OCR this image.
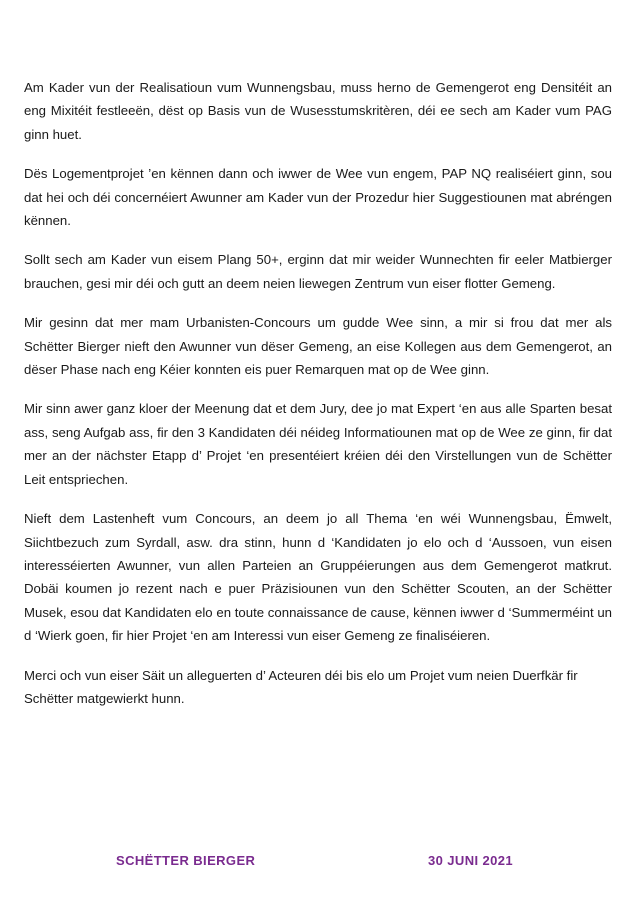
Am Kader vun der Realisatioun vum Wunnengsbau, muss herno de Gemengerot eng Densitéit an eng Mixitéit festleeën, dëst op Basis vun de Wusesstumskritèren, déi ee sech am Kader vum PAG ginn huet.

Dës Logementprojet ’en kënnen dann och iwwer de Wee vun engem, PAP NQ realiséiert ginn, sou dat hei och déi concernéiert Awunner am Kader vun der Prozedur hier Suggestiounen mat abréngen kënnen.

Sollt sech am Kader vun eisem Plang 50+, erginn dat mir weider Wunnechten fir eeler Matbierger brauchen, gesi mir déi och gutt an deem neien liewegen Zentrum vun eiser flotter Gemeng.

Mir gesinn dat mer mam Urbanisten-Concours um gudde Wee sinn, a mir si frou dat mer als Schëtter Bierger nieft den Awunner vun dëser Gemeng, an eise Kollegen aus dem Gemengerot, an dëser Phase nach eng Kéier konnten eis puer Remarquen mat op de Wee ginn.

Mir sinn awer ganz kloer der Meenung dat et dem Jury, dee jo mat Expert ‘en aus alle Sparten besat ass, seng Aufgab ass, fir den 3 Kandidaten déi néideg Informatiounen mat op de Wee ze ginn, fir dat mer an der nächster Etapp d’ Projet ‘en presentéiert kréien déi den Virstellungen vun de Schëtter Leit entspriechen.

Nieft dem Lastenheft vum Concours, an deem jo all Thema ‘en wéi Wunnengsbau, Ëmwelt, Siichtbezuch zum Syrdall, asw. dra stinn, hunn d ‘Kandidaten jo elo och d ‘Aussoen, vun eisen interesséierten Awunner, vun allen Parteien an Gruppéierungen aus dem Gemengerot matkrut. Dobäi koumen jo rezent nach e puer Präzisiounen vun den Schëtter Scouten, an der Schëtter Musek, esou dat Kandidaten elo en toute connaissance de cause, kënnen iwwer d ‘Summerméint un d ‘Wierk goen, fir hier Projet ‘en am Interessi vun eiser Gemeng ze finaliséieren.

Merci och vun eiser Säit un alleguerten d’ Acteuren déi bis elo um Projet vum neien Duerfkär fir Schëtter matgewierkt hunn.

SCHËTTER BIERGER	30 JUNI 2021
